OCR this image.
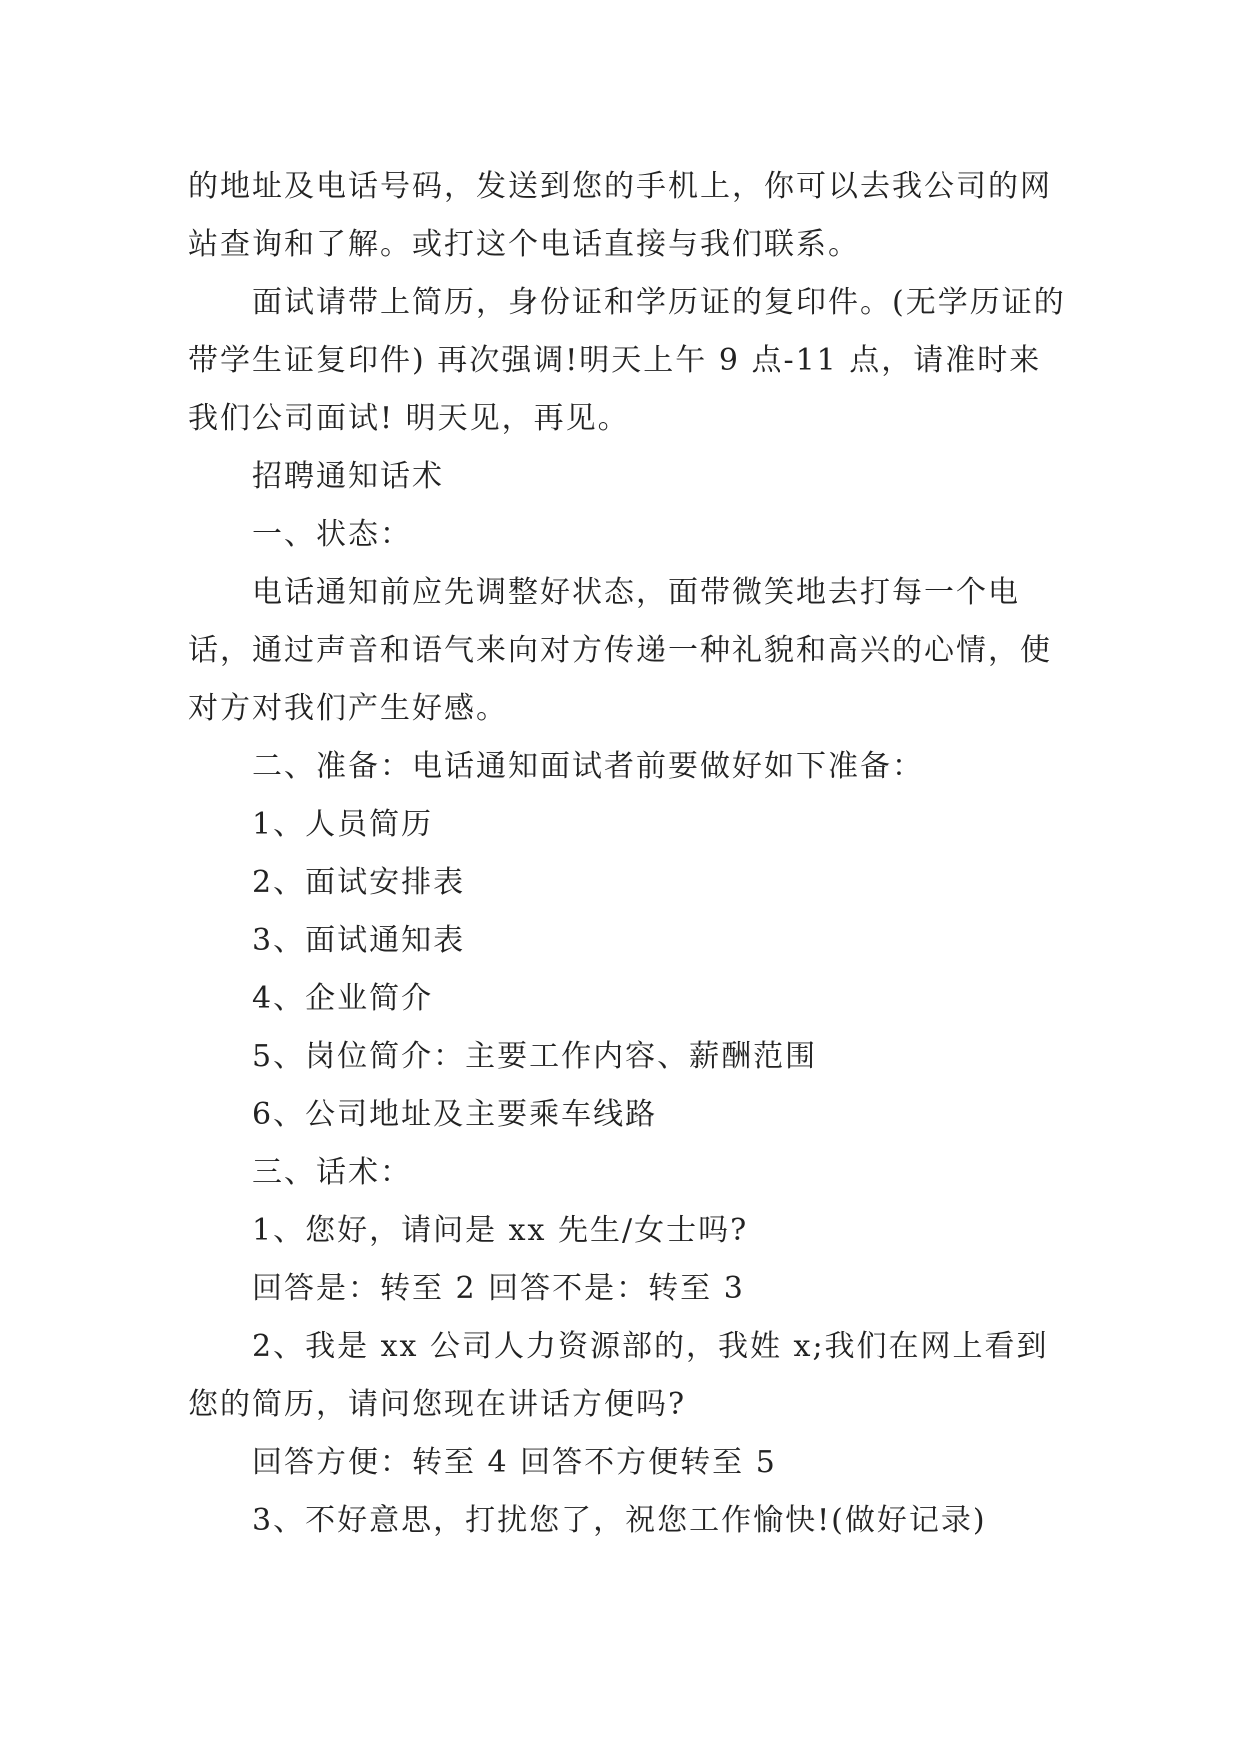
的地址及电话号码，发送到您的手机上，你可以去我公司的网站查询和了解。或打这个电话直接与我们联系。

面试请带上简历，身份证和学历证的复印件。(无学历证的带学生证复印件) 再次强调!明天上午 9 点-11 点，请准时来我们公司面试! 明天见，再见。

招聘通知话术

一、状态：

电话通知前应先调整好状态，面带微笑地去打每一个电话，通过声音和语气来向对方传递一种礼貌和高兴的心情，使对方对我们产生好感。

二、准备：电话通知面试者前要做好如下准备：

1、人员简历

2、面试安排表

3、面试通知表

4、企业简介

5、岗位简介：主要工作内容、薪酬范围

6、公司地址及主要乘车线路

三、话术：

1、您好，请问是 xx 先生/女士吗?

回答是：转至 2 回答不是：转至 3

2、我是 xx 公司人力资源部的，我姓 x;我们在网上看到您的简历，请问您现在讲话方便吗?

回答方便：转至 4 回答不方便转至 5

3、不好意思，打扰您了，祝您工作愉快!(做好记录)
